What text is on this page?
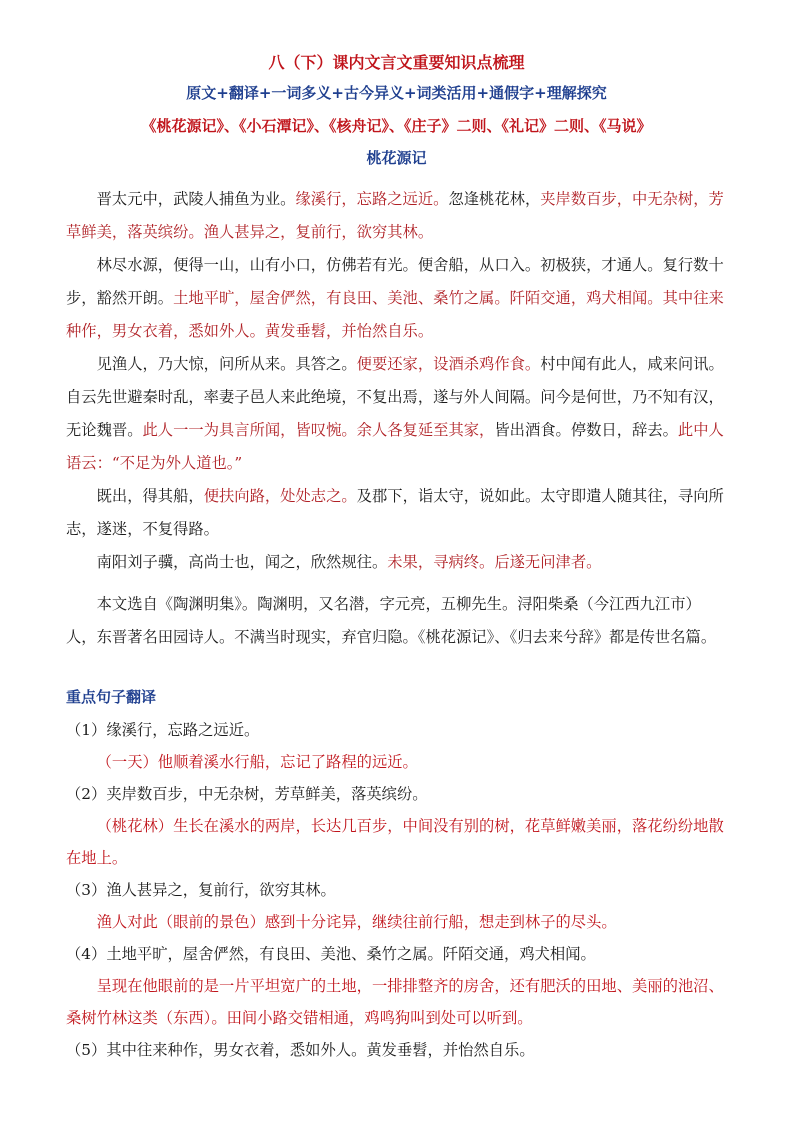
八（下）课内文言文重要知识点梳理
原文+翻译+一词多义+古今异义+词类活用+通假字+理解探究
《桃花源记》、《小石潭记》、《核舟记》、《庄子》二则、《礼记》二则、《马说》
桃花源记

晋太元中，武陵人捕鱼为业。缘溪行，忘路之远近。忽逢桃花林，夹岸数百步，中无杂树，芳草鲜美，落英缤纷。渔人甚异之，复前行，欲穷其林。

林尽水源，便得一山，山有小口，仿佛若有光。便舍船，从口入。初极狭，才通人。复行数十步，豁然开朗。土地平旷，屋舍俨然，有良田、美池、桑竹之属。阡陌交通，鸡犬相闻。其中往来种作，男女衣着，悉如外人。黄发垂髫，并怡然自乐。

见渔人，乃大惊，问所从来。具答之。便要还家，设酒杀鸡作食。村中闻有此人，咸来问讯。自云先世避秦时乱，率妻子邑人来此绝境，不复出焉，遂与外人间隔。问今是何世，乃不知有汉，无论魏晋。此人一一为具言所闻，皆叹惋。余人各复延至其家，皆出酒食。停数日，辞去。此中人语云：“不足为外人道也。”

既出，得其船，便扶向路，处处志之。及郡下，诣太守，说如此。太守即遣人随其往，寻向所志，遂迷，不复得路。

南阳刘子骥，高尚士也，闻之，欣然规往。未果，寻病终。后遂无问津者。

本文选自《陶渊明集》。陶渊明，又名潜，字元亮，五柳先生。浔阳柴桑（今江西九江市）人，东晋著名田园诗人。不满当时现实，弃官归隐。《桃花源记》、《归去来兮辞》都是传世名篇。

重点句子翻译

（1）缘溪行，忘路之远近。

（一天）他顺着溪水行船，忘记了路程的远近。

（2）夹岸数百步，中无杂树，芳草鲜美，落英缤纷。

（桃花林）生长在溪水的两岸，长达几百步，中间没有别的树，花草鲜嫩美丽，落花纷纷地散在地上。

（3）渔人甚异之，复前行，欲穷其林。

渔人对此（眼前的景色）感到十分诧异，继续往前行船，想走到林子的尽头。

（4）土地平旷，屋舍俨然，有良田、美池、桑竹之属。阡陌交通，鸡犬相闻。

呈现在他眼前的是一片平坦宽广的土地，一排排整齐的房舍，还有肥沃的田地、美丽的池沼、桑树竹林这类（东西）。田间小路交错相通，鸡鸣狗叫到处可以听到。

（5）其中往来种作，男女衣着，悉如外人。黄发垂髫，并怡然自乐。
